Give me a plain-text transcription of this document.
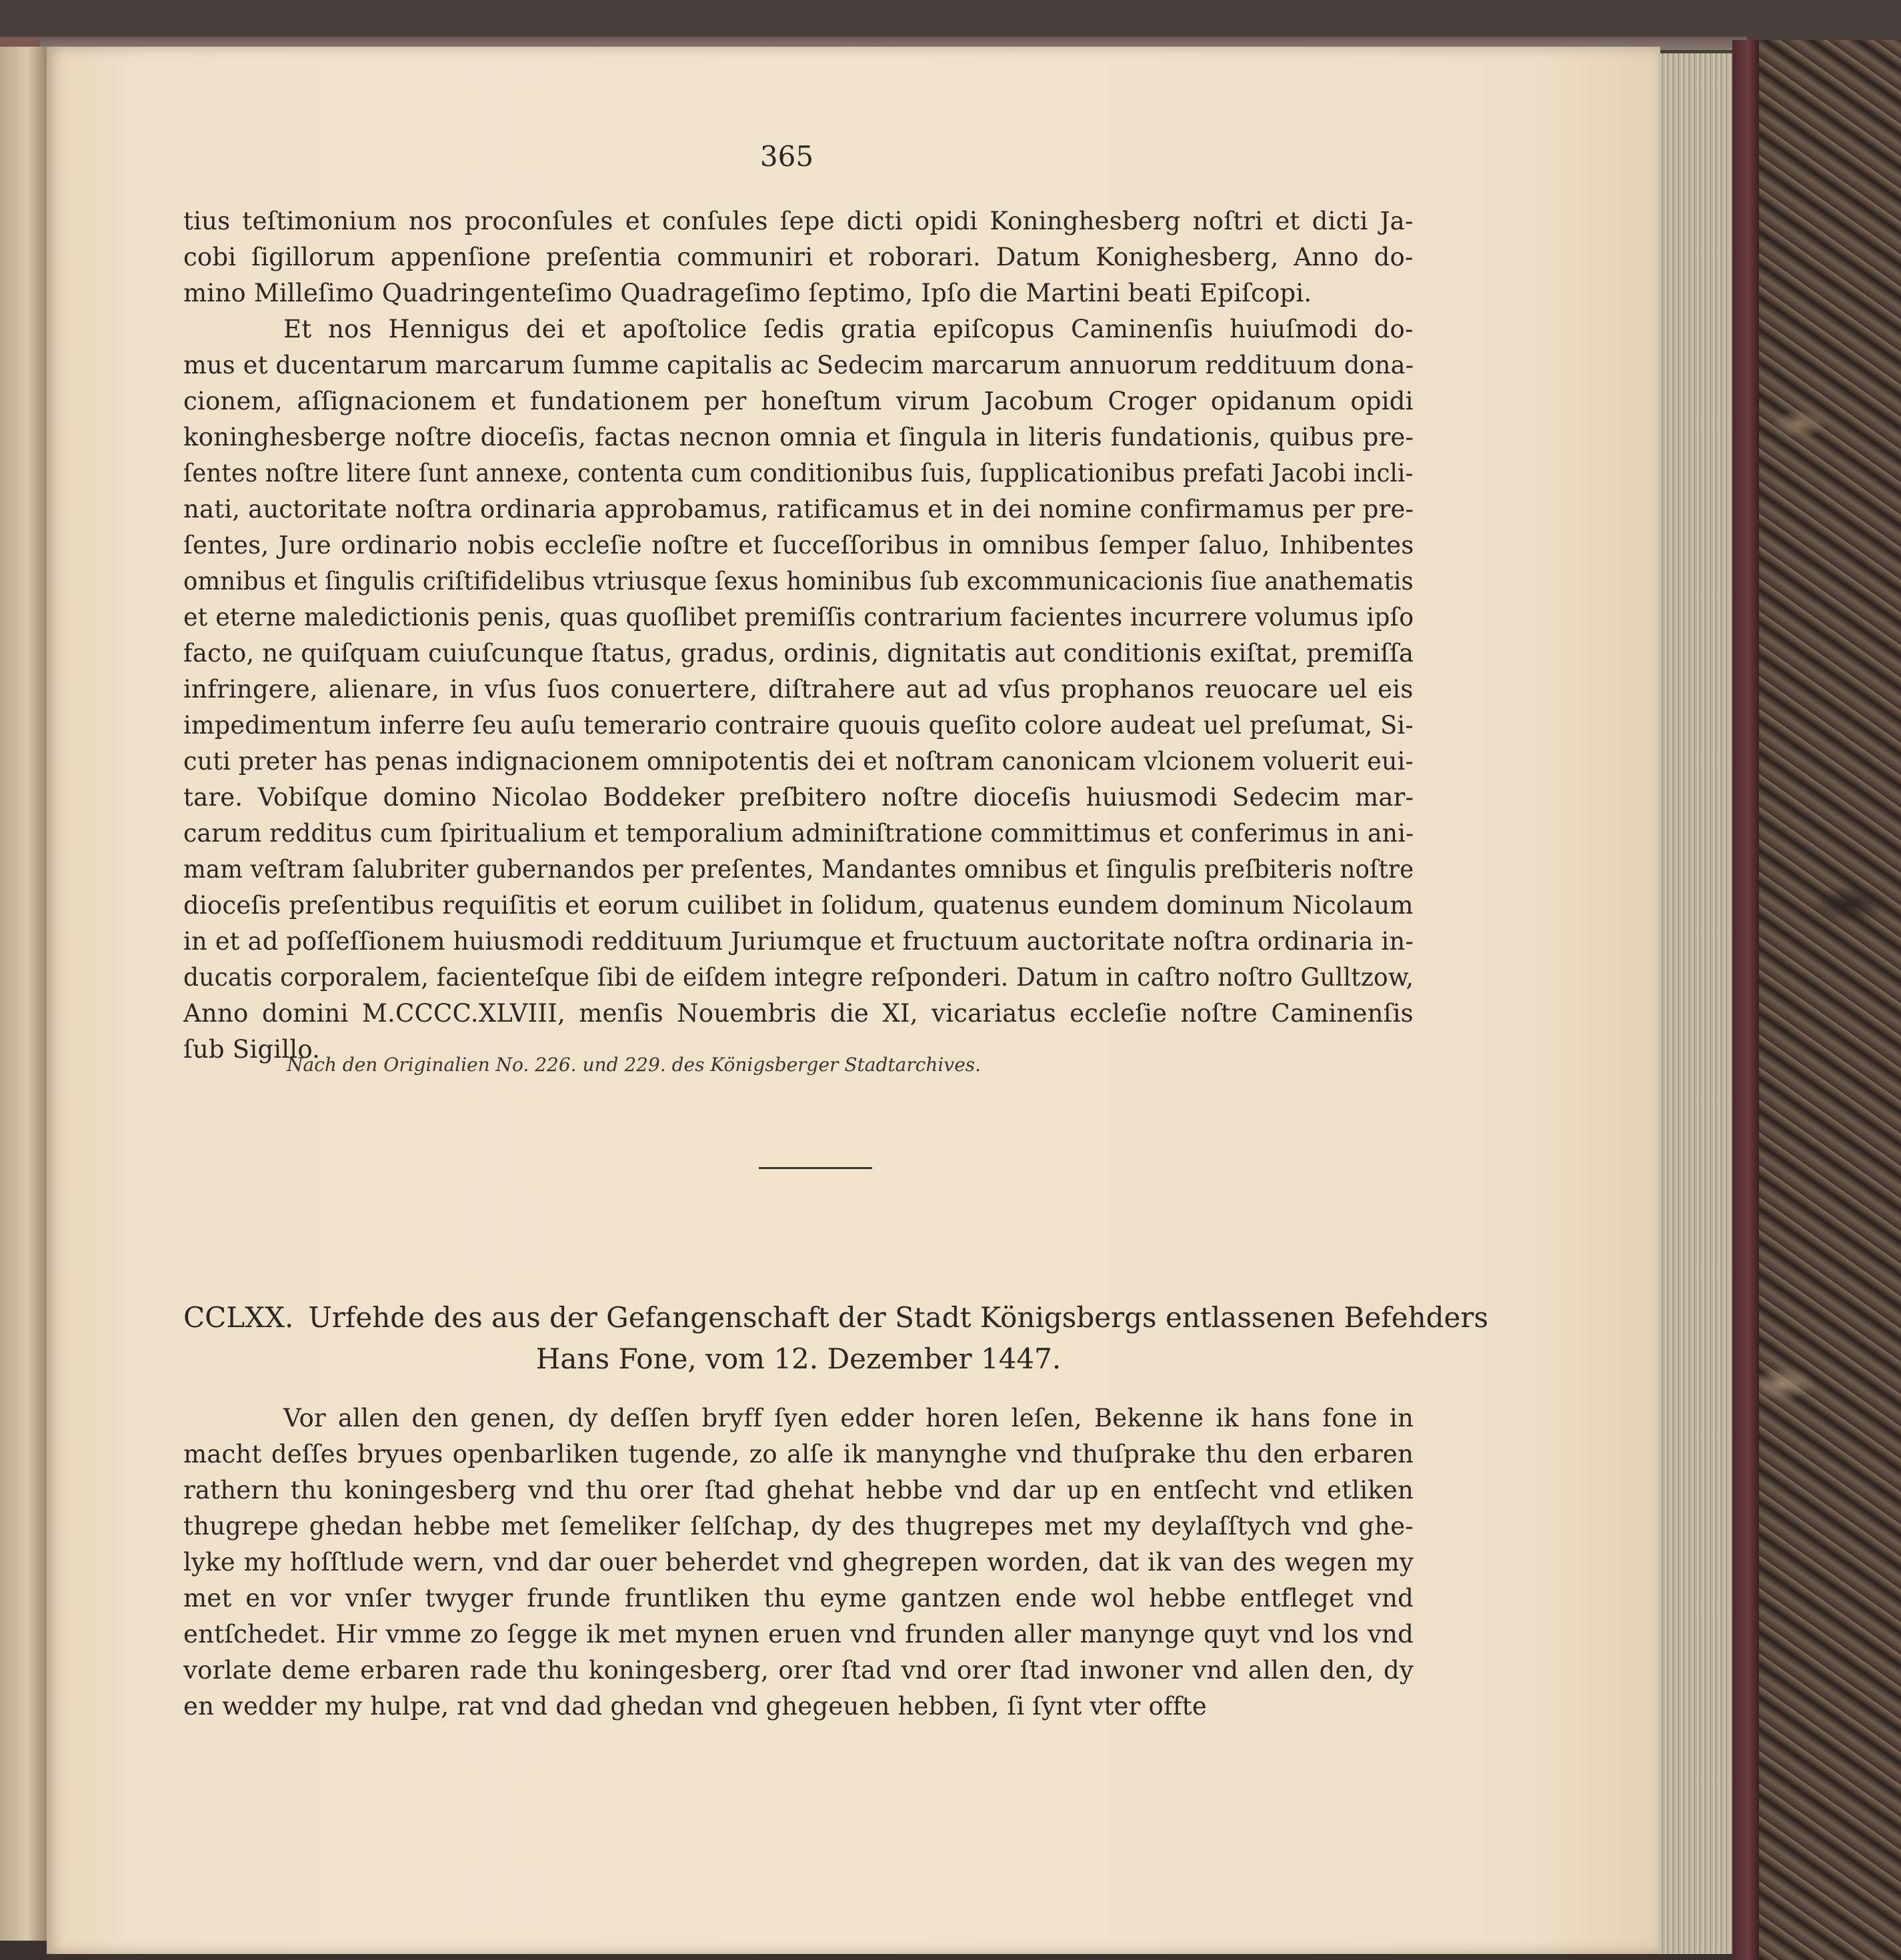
365
tius teſtimonium nos proconſules et conſules ſepe dicti opidi Koninghesberg noſtri et dicti Ja-
cobi ſigillorum appenſione preſentia communiri et roborari. Datum Konighesberg, Anno do-
mino Milleſimo Quadringenteſimo Quadrageſimo ſeptimo, Ipſo die Martini beati Epiſcopi.
Et nos Hennigus dei et apoſtolice ſedis gratia epiſcopus Caminenſis huiuſmodi do-
mus et ducentarum marcarum ſumme capitalis ac Sedecim marcarum annuorum reddituum dona-
cionem, aſſignacionem et fundationem per honeſtum virum Jacobum Croger opidanum opidi
koninghesberge noſtre dioceſis, factas necnon omnia et ſingula in literis fundationis, quibus pre-
ſentes noſtre litere ſunt annexe, contenta cum conditionibus ſuis, ſupplicationibus prefati Jacobi incli-
nati, auctoritate noſtra ordinaria approbamus, ratificamus et in dei nomine confirmamus per pre-
ſentes, Jure ordinario nobis eccleſie noſtre et ſucceſſoribus in omnibus ſemper ſaluo, Inhibentes
omnibus et ſingulis criſtifidelibus vtriusque ſexus hominibus ſub excommunicacionis ſiue anathematis
et eterne maledictionis penis, quas quoſlibet premiſſis contrarium facientes incurrere volumus ipſo
facto, ne quiſquam cuiuſcunque ſtatus, gradus, ordinis, dignitatis aut conditionis exiſtat, premiſſa
infringere, alienare, in vſus ſuos conuertere, diſtrahere aut ad vſus prophanos reuocare uel eis
impedimentum inferre ſeu auſu temerario contraire quouis queſito colore audeat uel preſumat, Si-
cuti preter has penas indignacionem omnipotentis dei et noſtram canonicam vlcionem voluerit eui-
tare. Vobiſque domino Nicolao Boddeker preſbitero noſtre dioceſis huiusmodi Sedecim mar-
carum redditus cum ſpiritualium et temporalium adminiſtratione committimus et conferimus in ani-
mam veſtram ſalubriter gubernandos per preſentes, Mandantes omnibus et ſingulis preſbiteris noſtre
dioceſis preſentibus requiſitis et eorum cuilibet in ſolidum, quatenus eundem dominum Nicolaum
in et ad poſſeſſionem huiusmodi reddituum Juriumque et fructuum auctoritate noſtra ordinaria in-
ducatis corporalem, facienteſque ſibi de eiſdem integre reſponderi. Datum in caſtro noſtro Gulltzow,
Anno domini M.CCCC.XLVIII, menſis Nouembris die XI, vicariatus eccleſie noſtre Caminenſis
ſub Sigillo.
Nach den Originalien No. 226. und 229. des Königsberger Stadtarchives.
CCLXX. Urfehde des aus der Gefangenschaft der Stadt Königsbergs entlassenen Befehders
Hans Fone, vom 12. Dezember 1447.
Vor allen den genen, dy deſſen bryff ſyen edder horen leſen, Bekenne ik hans fone in macht deſſes bryues openbarliken tugende, zo alſe ik manynghe vnd thuſprake thu den erbaren rathern thu koningesberg vnd thu orer ſtad ghehat hebbe vnd dar up en entſecht vnd etliken thugrepe ghedan hebbe met ſemeliker ſelſchap, dy des thugrepes met my deylaſſtych vnd ghe-lyke my hoſſtlude wern, vnd dar ouer beherdet vnd ghegrepen worden, dat ik van des wegen my met en vor vnſer twyger frunde fruntliken thu eyme gantzen ende wol hebbe entfleget vnd entſchedet. Hir vmme zo ſegge ik met mynen eruen vnd frunden aller manynge quyt vnd los vnd vorlate deme erbaren rade thu koningesberg, orer ſtad vnd orer ſtad inwoner vnd allen den, dy en wedder my hulpe, rat vnd dad ghedan vnd ghegeuen hebben, ſi ſynt vter offte
